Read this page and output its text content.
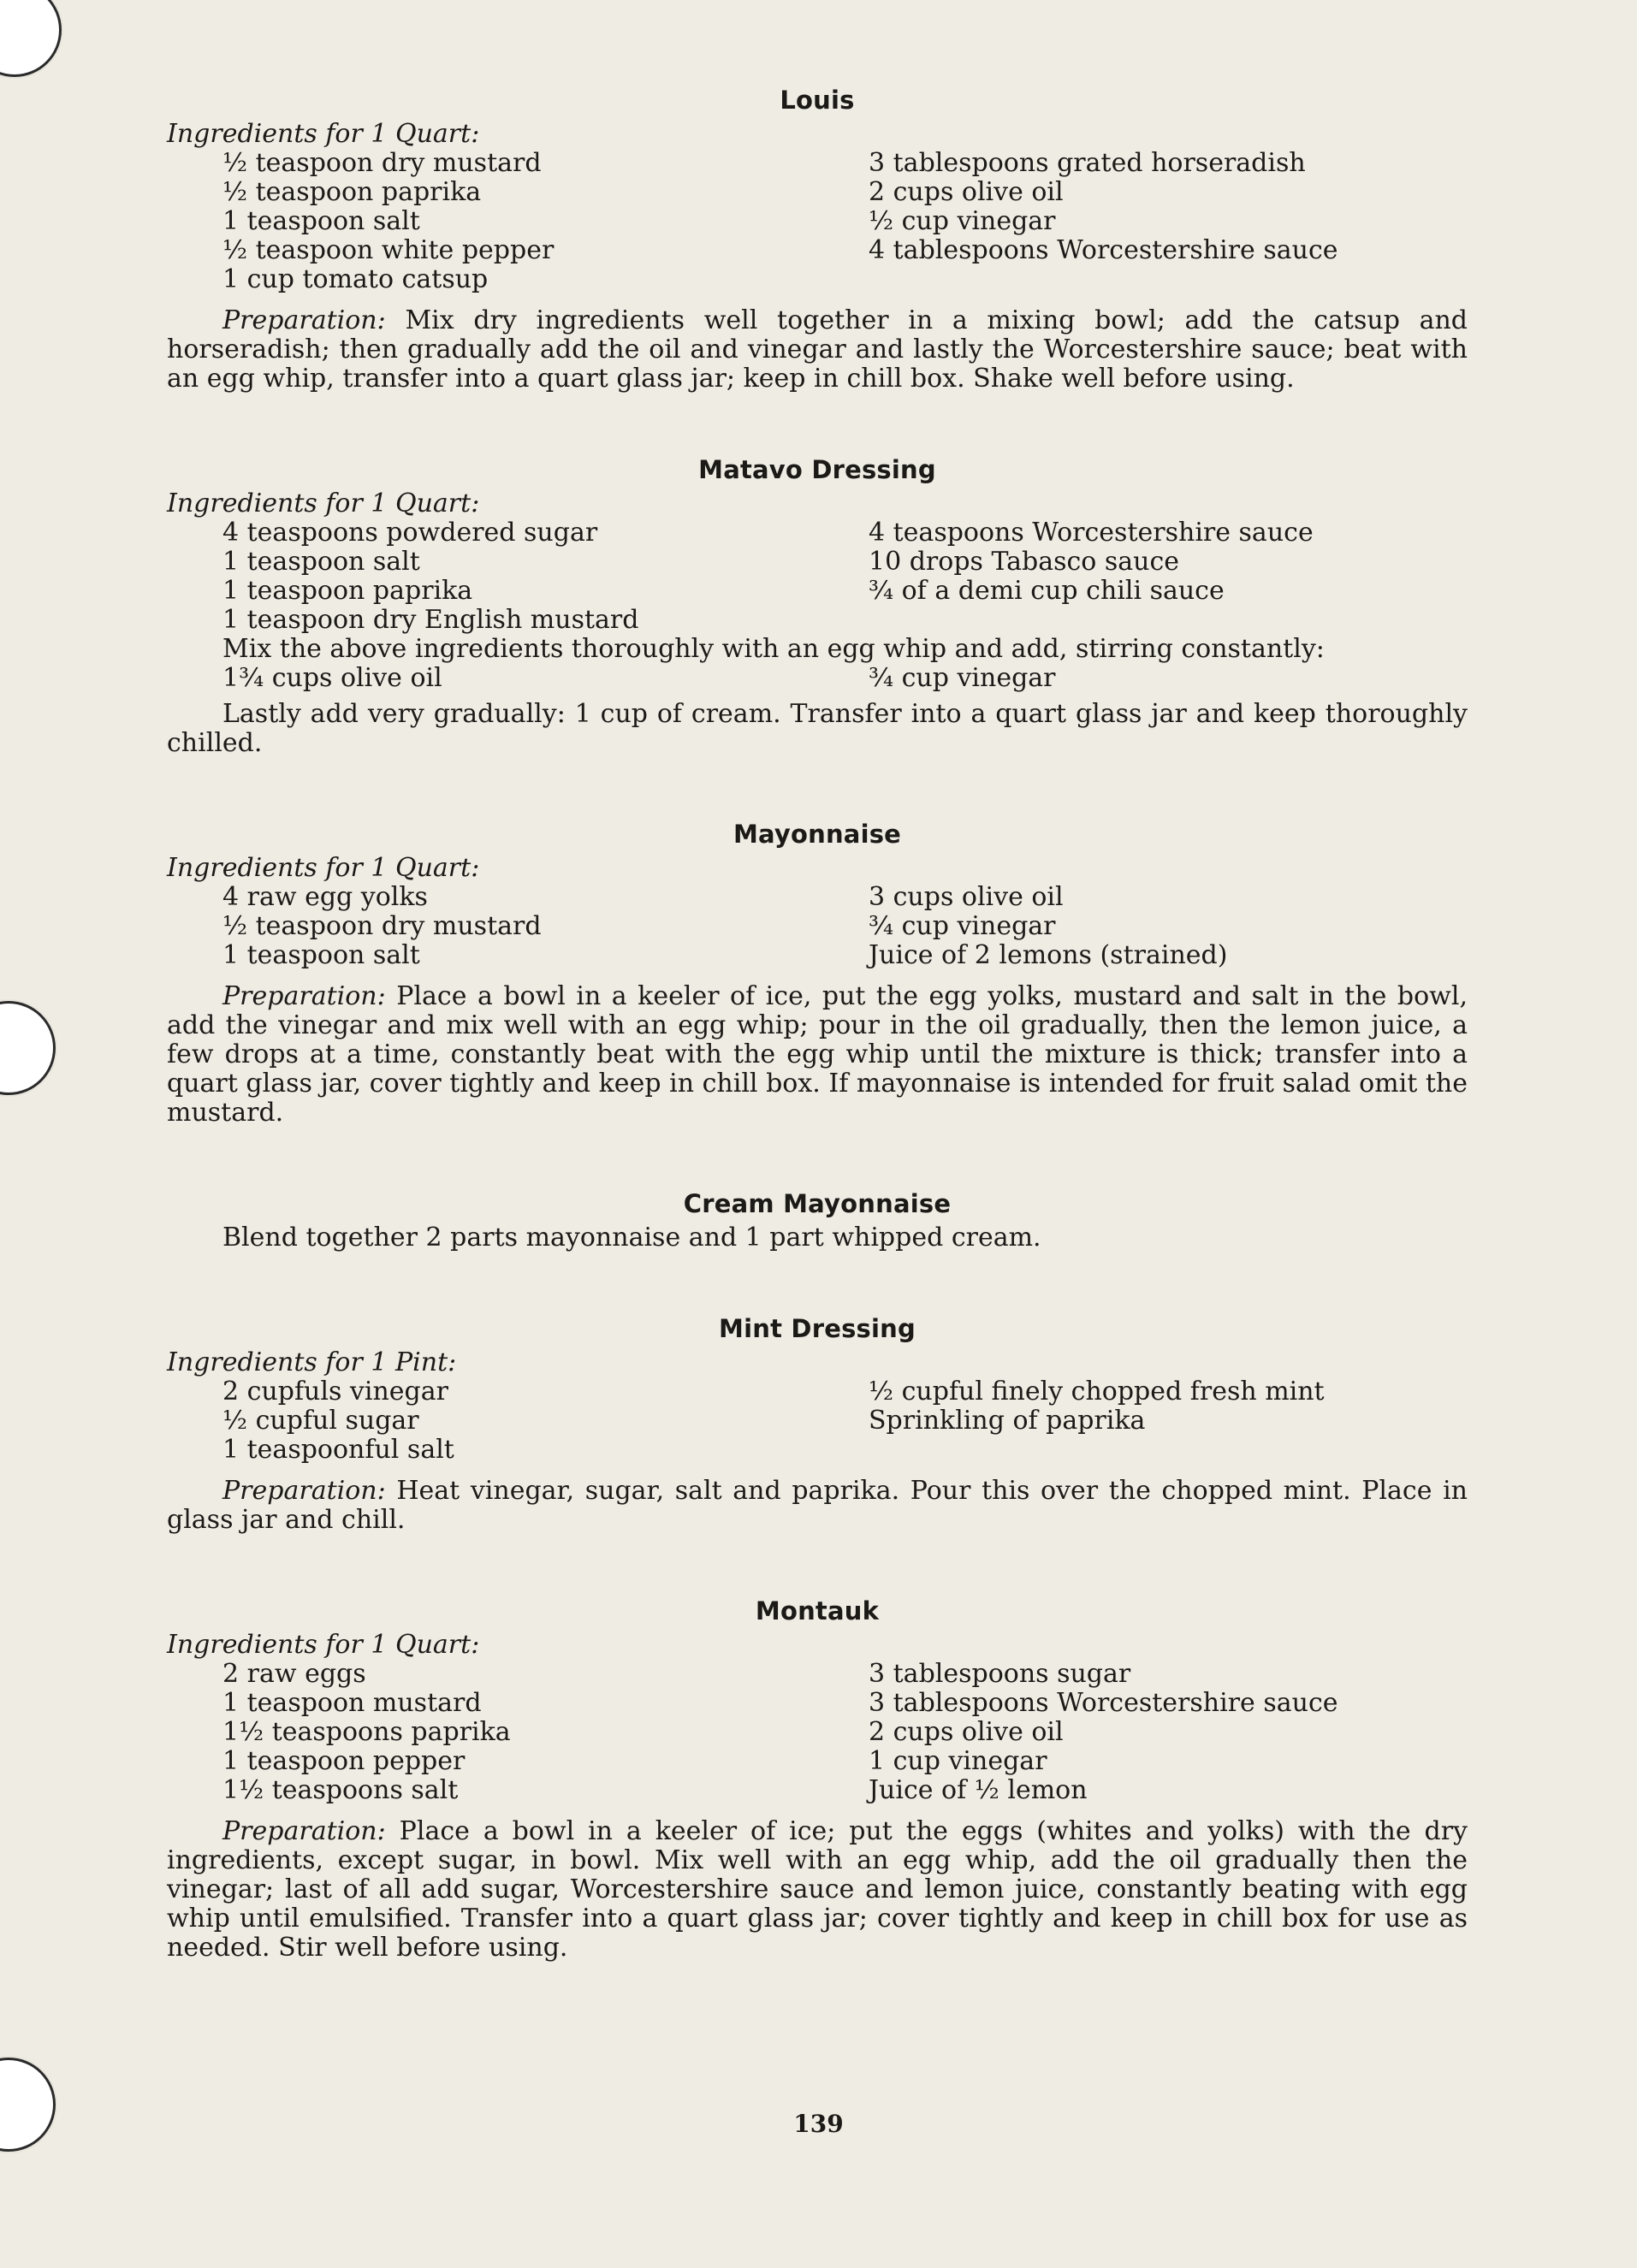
Louis
Ingredients for 1 Quart:
½ teaspoon dry mustard
½ teaspoon paprika
1 teaspoon salt
½ teaspoon white pepper
1 cup tomato catsup
3 tablespoons grated horseradish
2 cups olive oil
½ cup vinegar
4 tablespoons Worcestershire sauce

Preparation: Mix dry ingredients well together in a mixing bowl; add the catsup and horseradish; then gradually add the oil and vinegar and lastly the Worcestershire sauce; beat with an egg whip, transfer into a quart glass jar; keep in chill box. Shake well before using.

Matavo Dressing
Ingredients for 1 Quart:
4 teaspoons powdered sugar
1 teaspoon salt
1 teaspoon paprika
1 teaspoon dry English mustard
4 teaspoons Worcestershire sauce
10 drops Tabasco sauce
¾ of a demi cup chili sauce

Mix the above ingredients thoroughly with an egg whip and add, stirring constantly:

1¾ cups olive oil	¾ cup vinegar

Lastly add very gradually: 1 cup of cream. Transfer into a quart glass jar and keep thoroughly chilled.

Mayonnaise
Ingredients for 1 Quart:
4 raw egg yolks
½ teaspoon dry mustard
1 teaspoon salt
3 cups olive oil
¾ cup vinegar
Juice of 2 lemons (strained)

Preparation: Place a bowl in a keeler of ice, put the egg yolks, mustard and salt in the bowl, add the vinegar and mix well with an egg whip; pour in the oil gradually, then the lemon juice, a few drops at a time, constantly beat with the egg whip until the mixture is thick; transfer into a quart glass jar, cover tightly and keep in chill box. If mayonnaise is intended for fruit salad omit the mustard.

Cream Mayonnaise

Blend together 2 parts mayonnaise and 1 part whipped cream.

Mint Dressing
Ingredients for 1 Pint:
2 cupfuls vinegar
½ cupful sugar
1 teaspoonful salt
½ cupful finely chopped fresh mint
Sprinkling of paprika

Preparation: Heat vinegar, sugar, salt and paprika. Pour this over the chopped mint. Place in glass jar and chill.

Montauk
Ingredients for 1 Quart:
2 raw eggs
1 teaspoon mustard
1½ teaspoons paprika
1 teaspoon pepper
1½ teaspoons salt
3 tablespoons sugar
3 tablespoons Worcestershire sauce
2 cups olive oil
1 cup vinegar
Juice of ½ lemon

Preparation: Place a bowl in a keeler of ice; put the eggs (whites and yolks) with the dry ingredients, except sugar, in bowl. Mix well with an egg whip, add the oil gradually then the vinegar; last of all add sugar, Worcestershire sauce and lemon juice, constantly beating with egg whip until emulsified. Transfer into a quart glass jar; cover tightly and keep in chill box for use as needed. Stir well before using.

139
